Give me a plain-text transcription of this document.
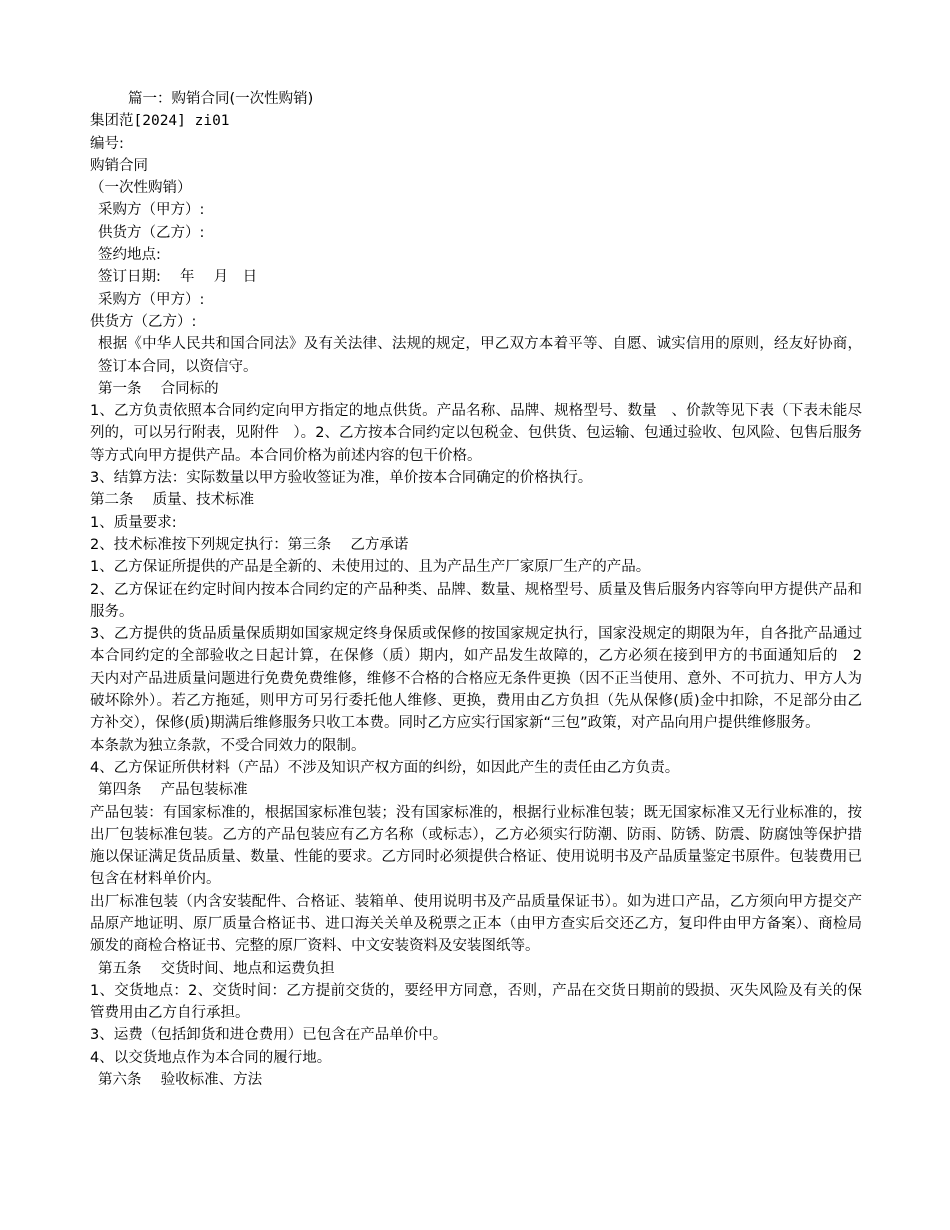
篇一：购销合同(一次性购销)
集团范[2024] zi01
编号:
购销合同
（一次性购销）
采购方（甲方）:
供货方（乙方）:
签约地点:
签订日期:　 年　 月　日
采购方（甲方）:
供货方（乙方）:
根据《中华人民共和国合同法》及有关法律、法规的规定，甲乙双方本着平等、自愿、诚实信用的原则，经友好协商，签订本合同，以资信守。
第一条　 合同标的
1、乙方负责依照本合同约定向甲方指定的地点供货。产品名称、品牌、规格型号、数量　、价款等见下表（下表未能尽列的，可以另行附表，见附件　）。2、乙方按本合同约定以包税金、包供货、包运输、包通过验收、包风险、包售后服务等方式向甲方提供产品。本合同价格为前述内容的包干价格。
3、结算方法：实际数量以甲方验收签证为准，单价按本合同确定的价格执行。
第二条　 质量、技术标准
1、质量要求:
2、技术标准按下列规定执行：第三条　 乙方承诺
1、乙方保证所提供的产品是全新的、未使用过的、且为产品生产厂家原厂生产的产品。
2、乙方保证在约定时间内按本合同约定的产品种类、品牌、数量、规格型号、质量及售后服务内容等向甲方提供产品和服务。
3、乙方提供的货品质量保质期如国家规定终身保质或保修的按国家规定执行，国家没规定的期限为年，自各批产品通过本合同约定的全部验收之日起计算，在保修（质）期内，如产品发生故障的，乙方必须在接到甲方的书面通知后的　2　天内对产品进质量问题进行免费免费维修，维修不合格的合格应无条件更换（因不正当使用、意外、不可抗力、甲方人为破坏除外）。若乙方拖延，则甲方可另行委托他人维修、更换，费用由乙方负担（先从保修(质)金中扣除，不足部分由乙方补交），保修(质)期满后维修服务只收工本费。同时乙方应实行国家新“三包”政策，对产品向用户提供维修服务。
本条款为独立条款，不受合同效力的限制。
4、乙方保证所供材料（产品）不涉及知识产权方面的纠纷，如因此产生的责任由乙方负责。
第四条　 产品包装标准
产品包装：有国家标准的，根据国家标准包装；没有国家标准的，根据行业标准包装；既无国家标准又无行业标准的，按出厂包装标准包装。乙方的产品包装应有乙方名称（或标志），乙方必须实行防潮、防雨、防锈、防震、防腐蚀等保护措施以保证满足货品质量、数量、性能的要求。乙方同时必须提供合格证、使用说明书及产品质量鉴定书原件。包装费用已包含在材料单价内。
出厂标准包装（内含安装配件、合格证、装箱单、使用说明书及产品质量保证书）。如为进口产品，乙方须向甲方提交产品原产地证明、原厂质量合格证书、进口海关关单及税票之正本（由甲方查实后交还乙方，复印件由甲方备案）、商检局颁发的商检合格证书、完整的原厂资料、中文安装资料及安装图纸等。
第五条　 交货时间、地点和运费负担
1、交货地点：2、交货时间：乙方提前交货的，要经甲方同意，否则，产品在交货日期前的毁损、灭失风险及有关的保管费用由乙方自行承担。
3、运费（包括卸货和进仓费用）已包含在产品单价中。
4、以交货地点作为本合同的履行地。
第六条　 验收标准、方法
